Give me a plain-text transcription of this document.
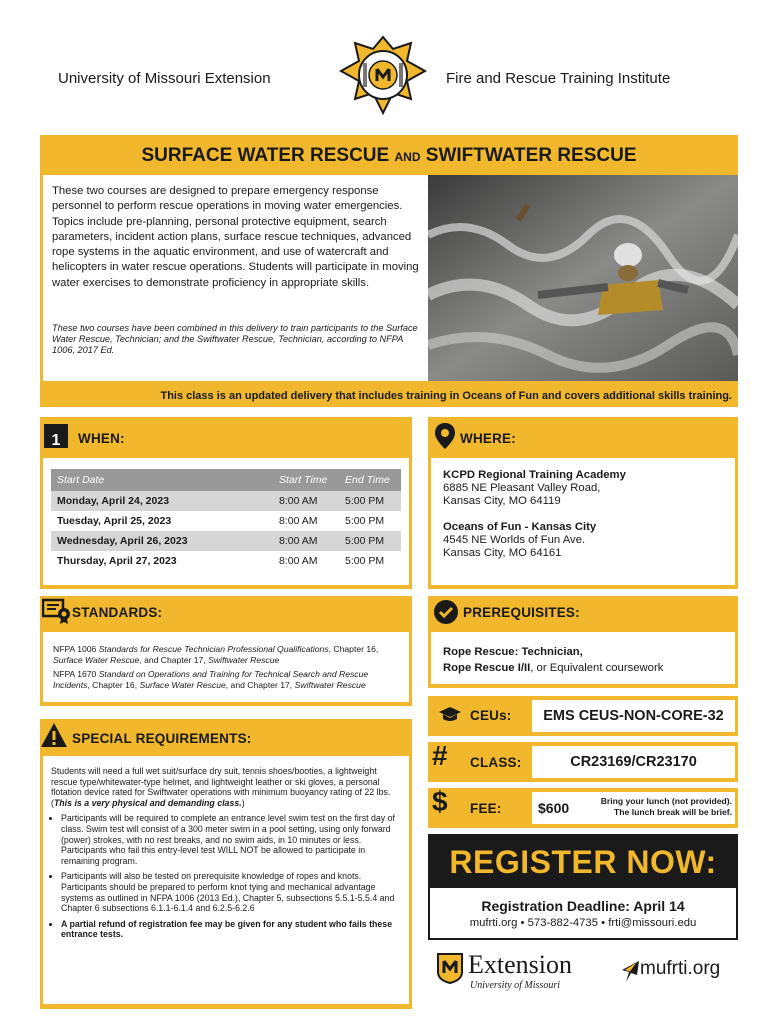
University of Missouri Extension	Fire and Rescue Training Institute
SURFACE WATER RESCUE AND SWIFTWATER RESCUE
These two courses are designed to prepare emergency response personnel to perform rescue operations in moving water emergencies. Topics include pre-planning, personal protective equipment, search parameters, incident action plans, surface rescue techniques, advanced rope systems in the aquatic environment, and use of watercraft and helicopters in water rescue operations. Students will participate in moving water exercises to demonstrate proficiency in appropriate skills.
These two courses have been combined in this delivery to train participants to the Surface Water Rescue, Technician; and the Swiftwater Rescue, Technician, according to NFPA 1006, 2017 Ed.
This class is an updated delivery that includes training in Oceans of Fun and covers additional skills training.
1	WHEN:
Start Date	Start Time	End Time
Monday, April 24, 2023	8:00 AM	5:00 PM
Tuesday, April 25, 2023	8:00 AM	5:00 PM
Wednesday, April 26, 2023	8:00 AM	5:00 PM
Thursday, April 27, 2023	8:00 AM	5:00 PM
WHERE:
KCPD Regional Training Academy
6885 NE Pleasant Valley Road,
Kansas City, MO 64119
Oceans of Fun - Kansas City
4545 NE Worlds of Fun Ave.
Kansas City, MO 64161
STANDARDS:

NFPA 1006 Standards for Rescue Technician Professional Qualifications, Chapter 16, Surface Water Rescue, and Chapter 17, Swiftwater Rescue

NFPA 1670 Standard on Operations and Training for Technical Search and Rescue Incidents, Chapter 16, Surface Water Rescue, and Chapter 17, Swiftwater Rescue

PREREQUISITES:
Rope Rescue: Technician,
Rope Rescue I/II, or Equivalent coursework
CEUs:	EMS CEUS-NON-CORE-32
# CLASS:	CR23169/CR23170
$ FEE:	$600	Bring your lunch (not provided).
The lunch break will be brief.
SPECIAL REQUIREMENTS:

Students will need a full wet suit/surface dry suit, tennis shoes/booties, a lightweight rescue type/whitewater-type helmet, and lightweight leather or ski gloves, a personal flotation device rated for Swiftwater operations with minimum buoyancy rating of 22 lbs. (This is a very physical and demanding class.)

• Participants will be required to complete an entrance level swim test on the first day of class. Swim test will consist of a 300 meter swim in a pool setting, using only forward (power) strokes, with no rest breaks, and no swim aids, in 10 minutes or less. Participants who fail this entry-level test WILL NOT be allowed to participate in remaining program.
• Participants will also be tested on prerequisite knowledge of ropes and knots. Participants should be prepared to perform knot tying and mechanical advantage systems as outlined in NFPA 1006 (2013 Ed.), Chapter 5, subsections 5.5.1-5.5.4 and Chapter 6 subsections 6.1.1-6.1.4 and 6.2.5-6.2.6
• A partial refund of registration fee may be given for any student who fails these entrance tests.
REGISTER NOW:
Registration Deadline: April 14
mufrti.org • 573-882-4735 • frti@missouri.edu
Extension
University of Missouri
mufrti.org
